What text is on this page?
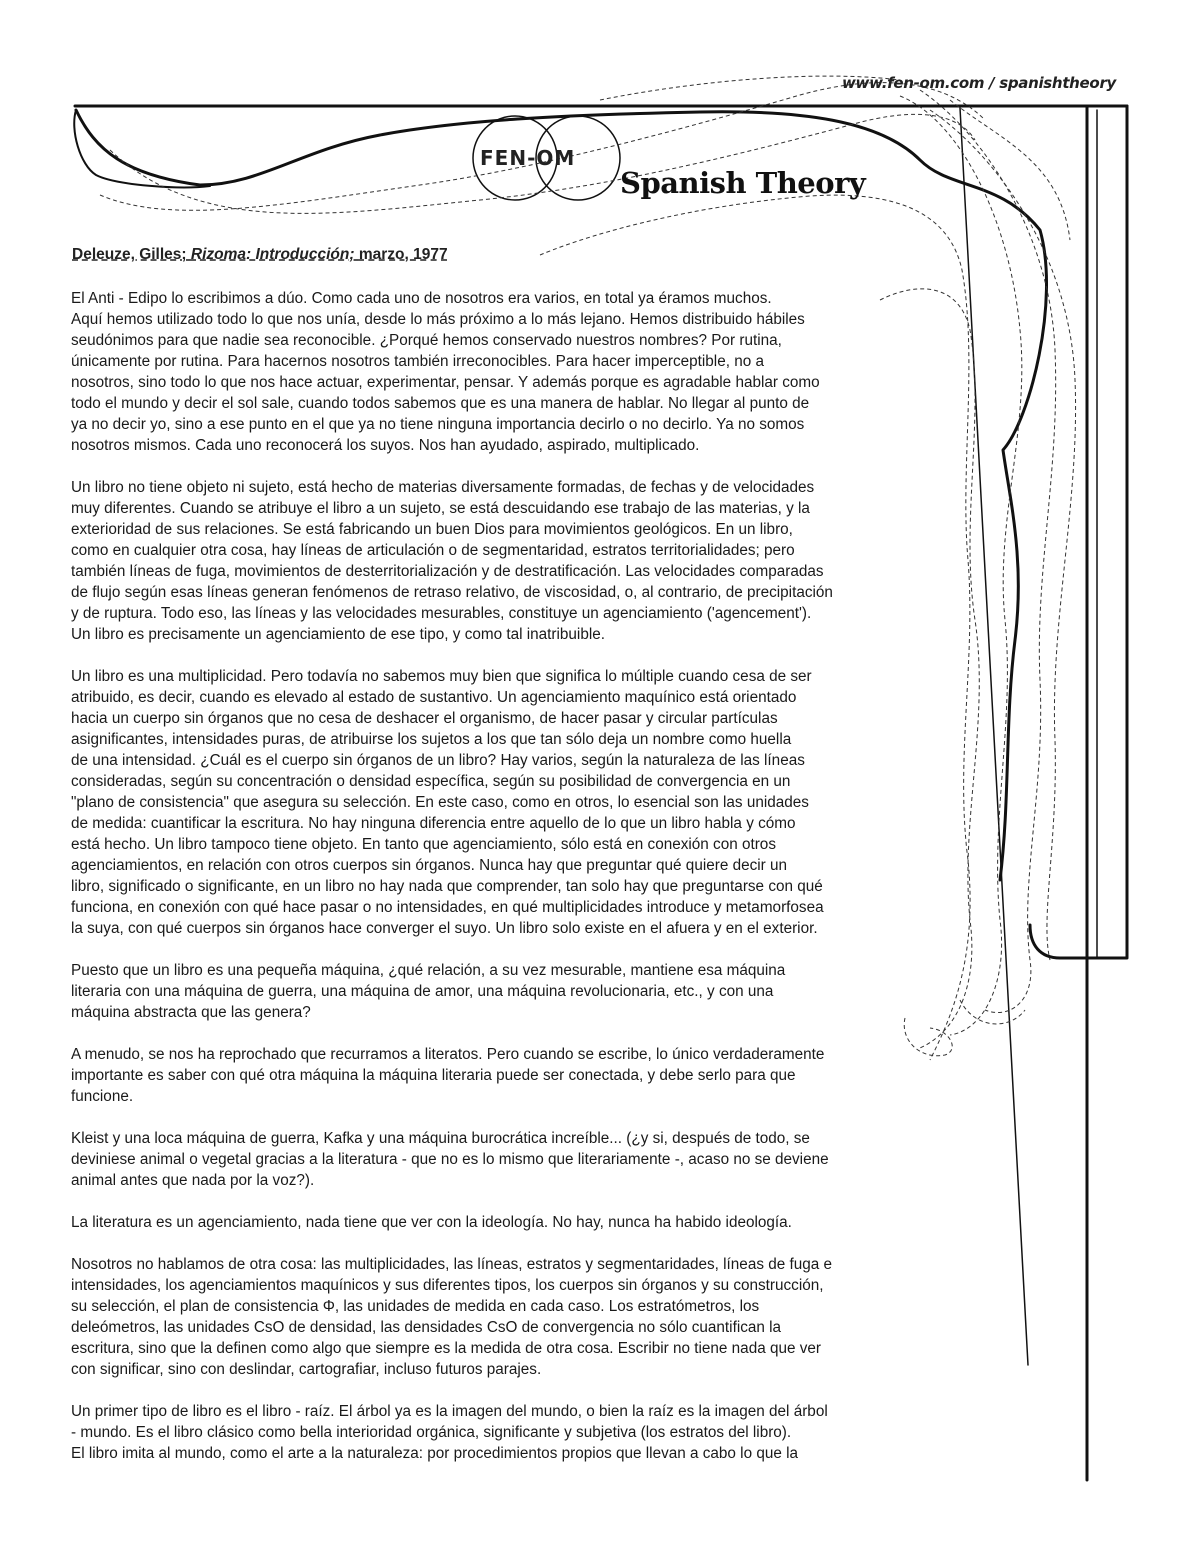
www.fen-om.com / spanishtheory
FEN-OM
Spanish Theory
Deleuze, Gilles; Rizoma: Introducción; marzo, 1977
El Anti - Edipo lo escribimos a dúo. Como cada uno de nosotros era varios, en total ya éramos muchos.
Aquí hemos utilizado todo lo que nos unía, desde lo más próximo a lo más lejano. Hemos distribuido hábiles
seudónimos para que nadie sea reconocible. ¿Porqué hemos conservado nuestros nombres? Por rutina,
únicamente por rutina. Para hacernos nosotros también irreconocibles. Para hacer imperceptible, no a
nosotros, sino todo lo que nos hace actuar, experimentar, pensar. Y además porque es agradable hablar como
todo el mundo y decir el sol sale, cuando todos sabemos que es una manera de hablar. No llegar al punto de
ya no decir yo, sino a ese punto en el que ya no tiene ninguna importancia decirlo o no decirlo. Ya no somos
nosotros mismos. Cada uno reconocerá los suyos. Nos han ayudado, aspirado, multiplicado.
Un libro no tiene objeto ni sujeto, está hecho de materias diversamente formadas, de fechas y de velocidades
muy diferentes. Cuando se atribuye el libro a un sujeto, se está descuidando ese trabajo de las materias, y la
exterioridad de sus relaciones. Se está fabricando un buen Dios para movimientos geológicos. En un libro,
como en cualquier otra cosa, hay líneas de articulación o de segmentaridad, estratos territorialidades; pero
también líneas de fuga, movimientos de desterritorialización y de destratificación. Las velocidades comparadas
de flujo según esas líneas generan fenómenos de retraso relativo, de viscosidad, o, al contrario, de precipitación
y de ruptura. Todo eso, las líneas y las velocidades mesurables, constituye un agenciamiento ('agencement').
Un libro es precisamente un agenciamiento de ese tipo, y como tal inatribuible.
Un libro es una multiplicidad. Pero todavía no sabemos muy bien que significa lo múltiple cuando cesa de ser
atribuido, es decir, cuando es elevado al estado de sustantivo. Un agenciamiento maquínico está orientado
hacia un cuerpo sin órganos que no cesa de deshacer el organismo, de hacer pasar y circular partículas
asignificantes, intensidades puras, de atribuirse los sujetos a los que tan sólo deja un nombre como huella
de una intensidad. ¿Cuál es el cuerpo sin órganos de un libro? Hay varios, según la naturaleza de las líneas
consideradas, según su concentración o densidad específica, según su posibilidad de convergencia en un
"plano de consistencia" que asegura su selección. En este caso, como en otros, lo esencial son las unidades
de medida: cuantificar la escritura. No hay ninguna diferencia entre aquello de lo que un libro habla y cómo
está hecho. Un libro tampoco tiene objeto. En tanto que agenciamiento, sólo está en conexión con otros
agenciamientos, en relación con otros cuerpos sin órganos. Nunca hay que preguntar qué quiere decir un
libro, significado o significante, en un libro no hay nada que comprender, tan solo hay que preguntarse con qué
funciona, en conexión con qué hace pasar o no intensidades, en qué multiplicidades introduce y metamorfosea
la suya, con qué cuerpos sin órganos hace converger el suyo. Un libro solo existe en el afuera y en el exterior.
Puesto que un libro es una pequeña máquina, ¿qué relación, a su vez mesurable, mantiene esa máquina
literaria con una máquina de guerra, una máquina de amor, una máquina revolucionaria, etc., y con una
máquina abstracta que las genera?
A menudo, se nos ha reprochado que recurramos a literatos. Pero cuando se escribe, lo único verdaderamente
importante es saber con qué otra máquina la máquina literaria puede ser conectada, y debe serlo para que
funcione.
Kleist y una loca máquina de guerra, Kafka y una máquina burocrática increíble... (¿y si, después de todo, se
deviniese animal o vegetal gracias a la literatura - que no es lo mismo que literariamente -, acaso no se deviene
animal antes que nada por la voz?).
La literatura es un agenciamiento, nada tiene que ver con la ideología. No hay, nunca ha habido ideología.
Nosotros no hablamos de otra cosa: las multiplicidades, las líneas, estratos y segmentaridades, líneas de fuga e
intensidades, los agenciamientos maquínicos y sus diferentes tipos, los cuerpos sin órganos y su construcción,
su selección, el plan de consistencia Φ, las unidades de medida en cada caso. Los estratómetros, los
deleómetros, las unidades CsO de densidad, las densidades CsO de convergencia no sólo cuantifican la
escritura, sino que la definen como algo que siempre es la medida de otra cosa. Escribir no tiene nada que ver
con significar, sino con deslindar, cartografiar, incluso futuros parajes.
Un primer tipo de libro es el libro - raíz. El árbol ya es la imagen del mundo, o bien la raíz es la imagen del árbol
- mundo. Es el libro clásico como bella interioridad orgánica, significante y subjetiva (los estratos del libro).
El libro imita al mundo, como el arte a la naturaleza: por procedimientos propios que llevan a cabo lo que la
